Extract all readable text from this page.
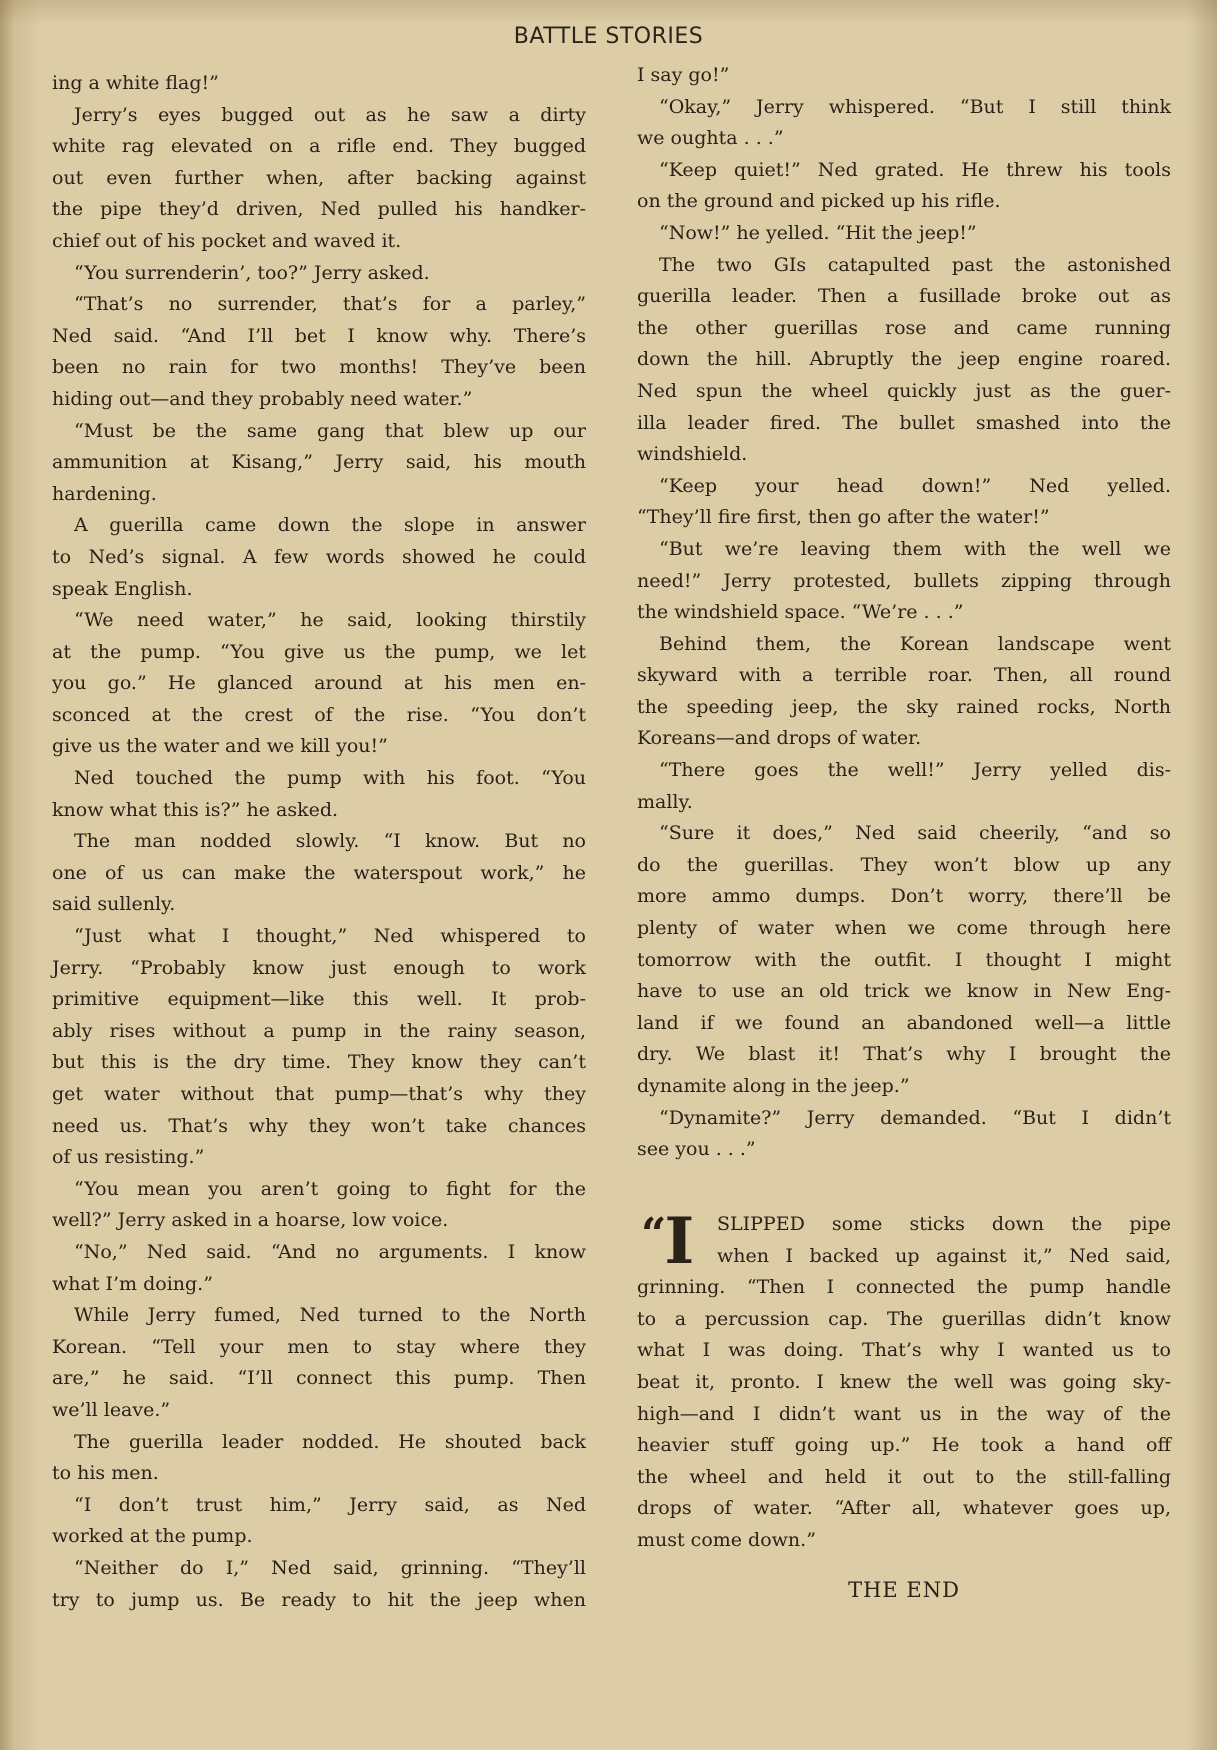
BATTLE STORIES
ing a white flag!”
Jerry’s eyes bugged out as he saw a dirty
white rag elevated on a rifle end. They bugged
out even further when, after backing against
the pipe they’d driven, Ned pulled his handker-
chief out of his pocket and waved it.
“You surrenderin’, too?” Jerry asked.
“That’s no surrender, that’s for a parley,”
Ned said. “And I’ll bet I know why. There’s
been no rain for two months! They’ve been
hiding out—and they probably need water.”
“Must be the same gang that blew up our
ammunition at Kisang,” Jerry said, his mouth
hardening.
A guerilla came down the slope in answer
to Ned’s signal. A few words showed he could
speak English.
“We need water,” he said, looking thirstily
at the pump. “You give us the pump, we let
you go.” He glanced around at his men en-
sconced at the crest of the rise. “You don’t
give us the water and we kill you!”
Ned touched the pump with his foot. “You
know what this is?” he asked.
The man nodded slowly. “I know. But no
one of us can make the waterspout work,” he
said sullenly.
“Just what I thought,” Ned whispered to
Jerry. “Probably know just enough to work
primitive equipment—like this well. It prob-
ably rises without a pump in the rainy season,
but this is the dry time. They know they can’t
get water without that pump—that’s why they
need us. That’s why they won’t take chances
of us resisting.”
“You mean you aren’t going to fight for the
well?” Jerry asked in a hoarse, low voice.
“No,” Ned said. “And no arguments. I know
what I’m doing.”
While Jerry fumed, Ned turned to the North
Korean. “Tell your men to stay where they
are,” he said. “I’ll connect this pump. Then
we’ll leave.”
The guerilla leader nodded. He shouted back
to his men.
“I don’t trust him,” Jerry said, as Ned
worked at the pump.
“Neither do I,” Ned said, grinning. “They’ll
try to jump us. Be ready to hit the jeep when
I say go!”
“Okay,” Jerry whispered. “But I still think
we oughta . . .”
“Keep quiet!” Ned grated. He threw his tools
on the ground and picked up his rifle.
“Now!” he yelled. “Hit the jeep!”
The two GIs catapulted past the astonished
guerilla leader. Then a fusillade broke out as
the other guerillas rose and came running
down the hill. Abruptly the jeep engine roared.
Ned spun the wheel quickly just as the guer-
illa leader fired. The bullet smashed into the
windshield.
“Keep your head down!” Ned yelled.
“They’ll fire first, then go after the water!”
“But we’re leaving them with the well we
need!” Jerry protested, bullets zipping through
the windshield space. “We’re . . .”
Behind them, the Korean landscape went
skyward with a terrible roar. Then, all round
the speeding jeep, the sky rained rocks, North
Koreans—and drops of water.
“There goes the well!” Jerry yelled dis-
mally.
“Sure it does,” Ned said cheerily, “and so
do the guerillas. They won’t blow up any
more ammo dumps. Don’t worry, there’ll be
plenty of water when we come through here
tomorrow with the outfit. I thought I might
have to use an old trick we know in New Eng-
land if we found an abandoned well—a little
dry. We blast it! That’s why I brought the
dynamite along in the jeep.”
“Dynamite?” Jerry demanded. “But I didn’t
see you . . .”
“ I	SLIPPED some sticks down the pipe
when I backed up against it,” Ned said,
grinning. “Then I connected the pump handle
to a percussion cap. The guerillas didn’t know
what I was doing. That’s why I wanted us to
beat it, pronto. I knew the well was going sky-
high—and I didn’t want us in the way of the
heavier stuff going up.” He took a hand off
the wheel and held it out to the still-falling
drops of water. “After all, whatever goes up,
must come down.”
THE END
